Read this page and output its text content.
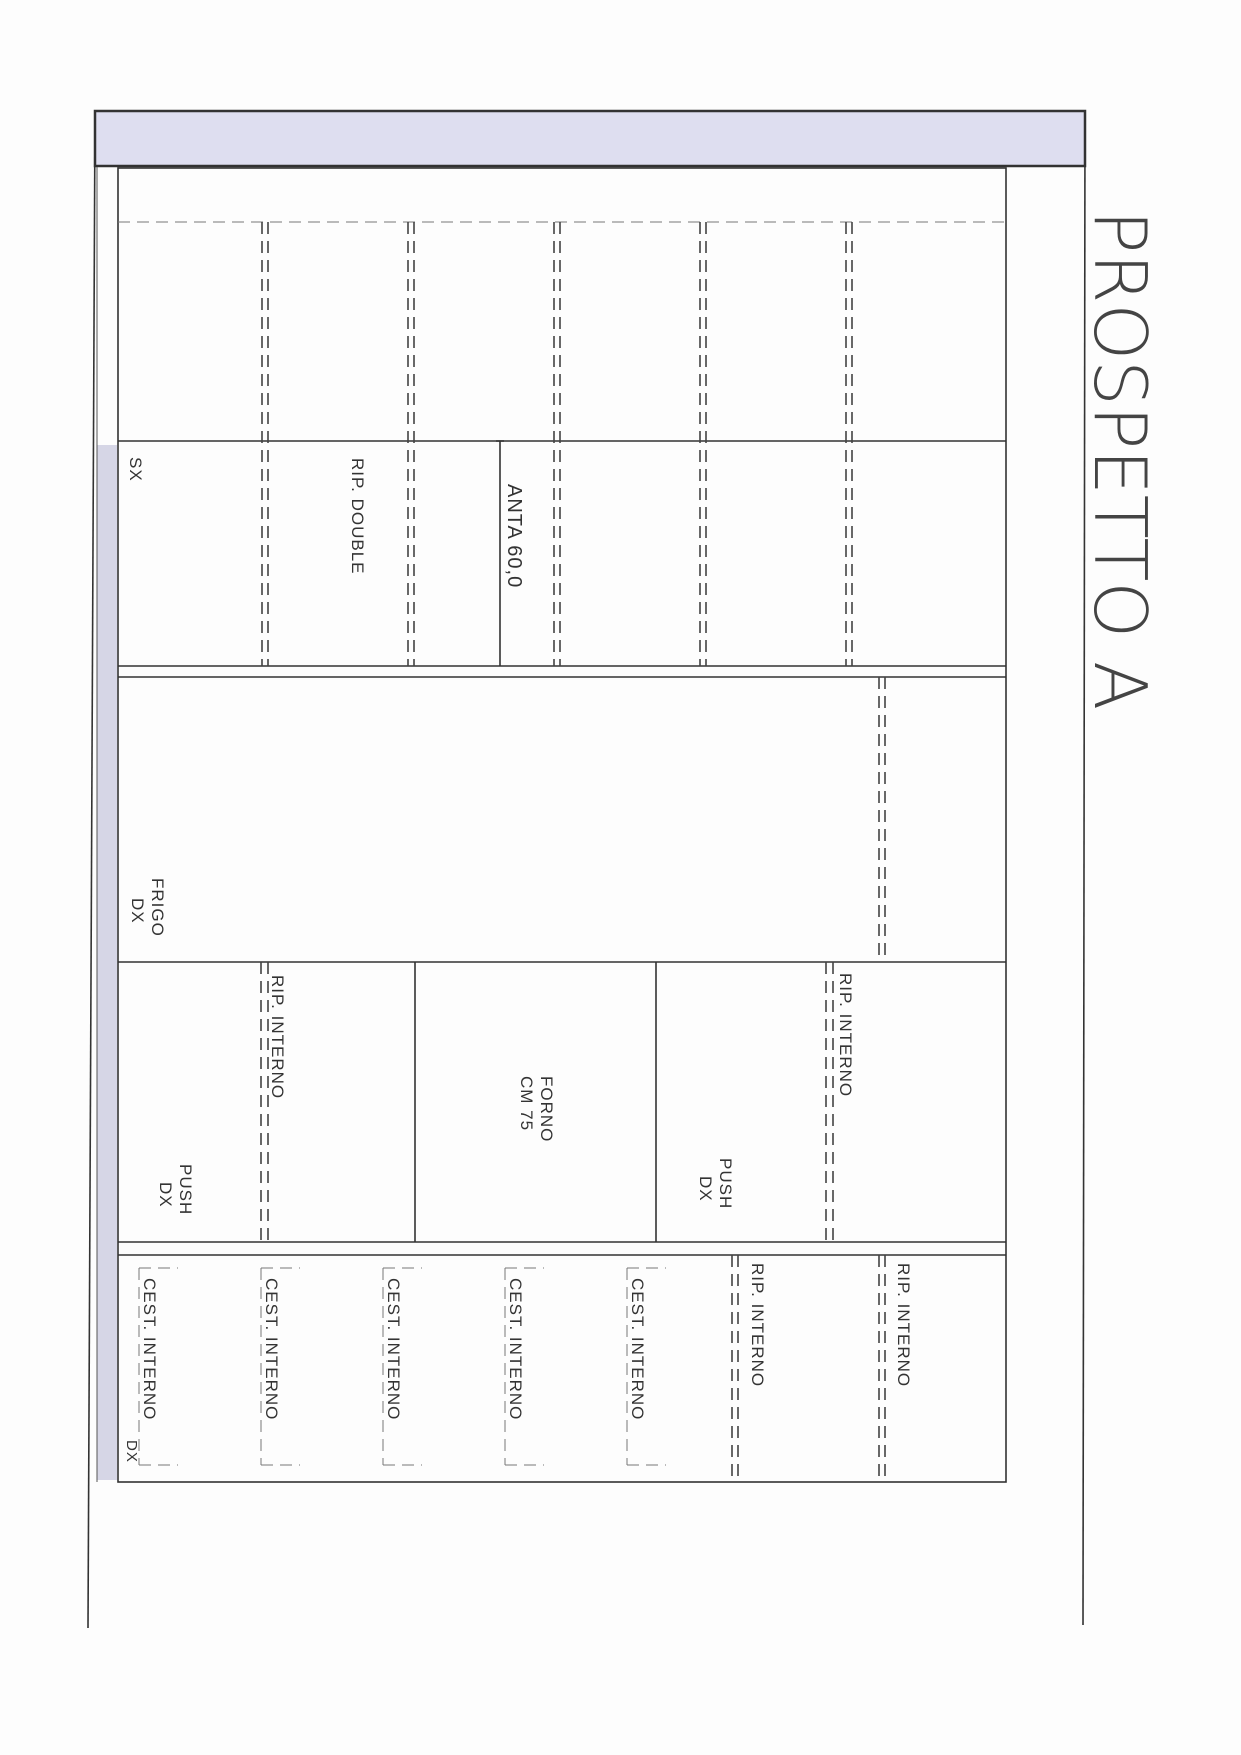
SX	RIP. DOUBLE	ANTA 60,0
FRIGO
DX
RIP. INTERNO	RIP. INTERNO
FORNO
CM 75
PUSH
DX	PUSH
DX
CEST. INTERNO	CEST. INTERNO	CEST. INTERNO	CEST. INTERNO	CEST. INTERNO	RIP. INTERNO	RIP. INTERNO
DX
PROSPETTO A
